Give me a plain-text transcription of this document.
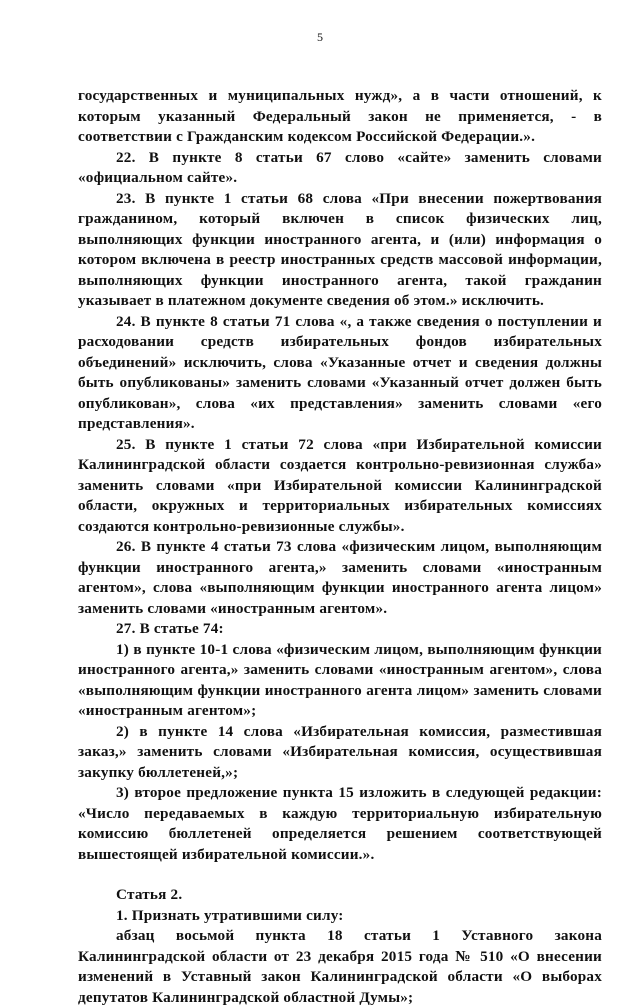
5

государственных и муниципальных нужд», а в части отношений, к которым указанный Федеральный закон не применяется, - в соответствии с Гражданским кодексом Российской Федерации.».

22. В пункте 8 статьи 67 слово «сайте» заменить словами «официальном сайте».

23. В пункте 1 статьи 68 слова «При внесении пожертвования гражданином, который включен в список физических лиц, выполняющих функции иностранного агента, и (или) информация о котором включена в реестр иностранных средств массовой информации, выполняющих функции иностранного агента, такой гражданин указывает в платежном документе сведения об этом.» исключить.

24. В пункте 8 статьи 71 слова «, а также сведения о поступлении и расходовании средств избирательных фондов избирательных объединений» исключить, слова «Указанные отчет и сведения должны быть опубликованы» заменить словами «Указанный отчет должен быть опубликован», слова «их представления» заменить словами «его представления».

25. В пункте 1 статьи 72 слова «при Избирательной комиссии Калининградской области создается контрольно-ревизионная служба» заменить словами «при Избирательной комиссии Калининградской области, окружных и территориальных избирательных комиссиях создаются контрольно-ревизионные службы».

26. В пункте 4 статьи 73 слова «физическим лицом, выполняющим функции иностранного агента,» заменить словами «иностранным агентом», слова «выполняющим функции иностранного агента лицом» заменить словами «иностранным агентом».

27. В статье 74:

1) в пункте 10-1 слова «физическим лицом, выполняющим функции иностранного агента,» заменить словами «иностранным агентом», слова «выполняющим функции иностранного агента лицом» заменить словами «иностранным агентом»;

2) в пункте 14 слова «Избирательная комиссия, разместившая заказ,» заменить словами «Избирательная комиссия, осуществившая закупку бюллетеней,»;

3) второе предложение пункта 15 изложить в следующей редакции: «Число передаваемых в каждую территориальную избирательную комиссию бюллетеней определяется решением соответствующей вышестоящей избирательной комиссии.».

Статья 2.

1. Признать утратившими силу:

абзац восьмой пункта 18 статьи 1 Уставного закона Калининградской области от 23 декабря 2015 года № 510 «О внесении изменений в Уставный закон Калининградской области «О выборах депутатов Калининградской областной Думы»;
